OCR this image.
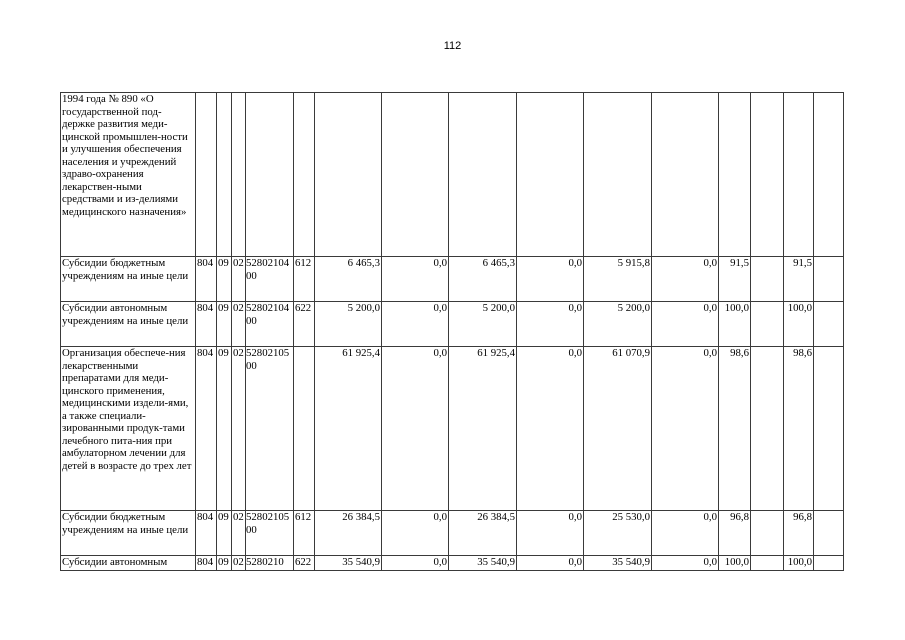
112
1994 года № 890 «О государственной под-держке развития меди-цинской промышлен-ности и улучшения обеспечения населения и учреждений здраво-охранения лекарствен-ными средствами и из-делиями медицинского назначения»															
Субсидии бюджетным учреждениям на иные цели	804	09	02	5280210400	612	6 465,3	0,0	6 465,3	0,0	5 915,8	0,0	91,5		91,5	
Субсидии автономным учреждениям на иные цели	804	09	02	5280210400	622	5 200,0	0,0	5 200,0	0,0	5 200,0	0,0	100,0		100,0	
Организация обеспече-ния лекарственными препаратами для меди-цинского применения, медицинскими издели-ями, а также специали-зированными продук-тами лечебного пита-ния при амбулаторном лечении для детей в возрасте до трех лет	804	09	02	5280210500		61 925,4	0,0	61 925,4	0,0	61 070,9	0,0	98,6		98,6	
Субсидии бюджетным учреждениям на иные цели	804	09	02	5280210500	612	26 384,5	0,0	26 384,5	0,0	25 530,0	0,0	96,8		96,8	
Субсидии автономным	804	09	02	5280210	622	35 540,9	0,0	35 540,9	0,0	35 540,9	0,0	100,0		100,0	
